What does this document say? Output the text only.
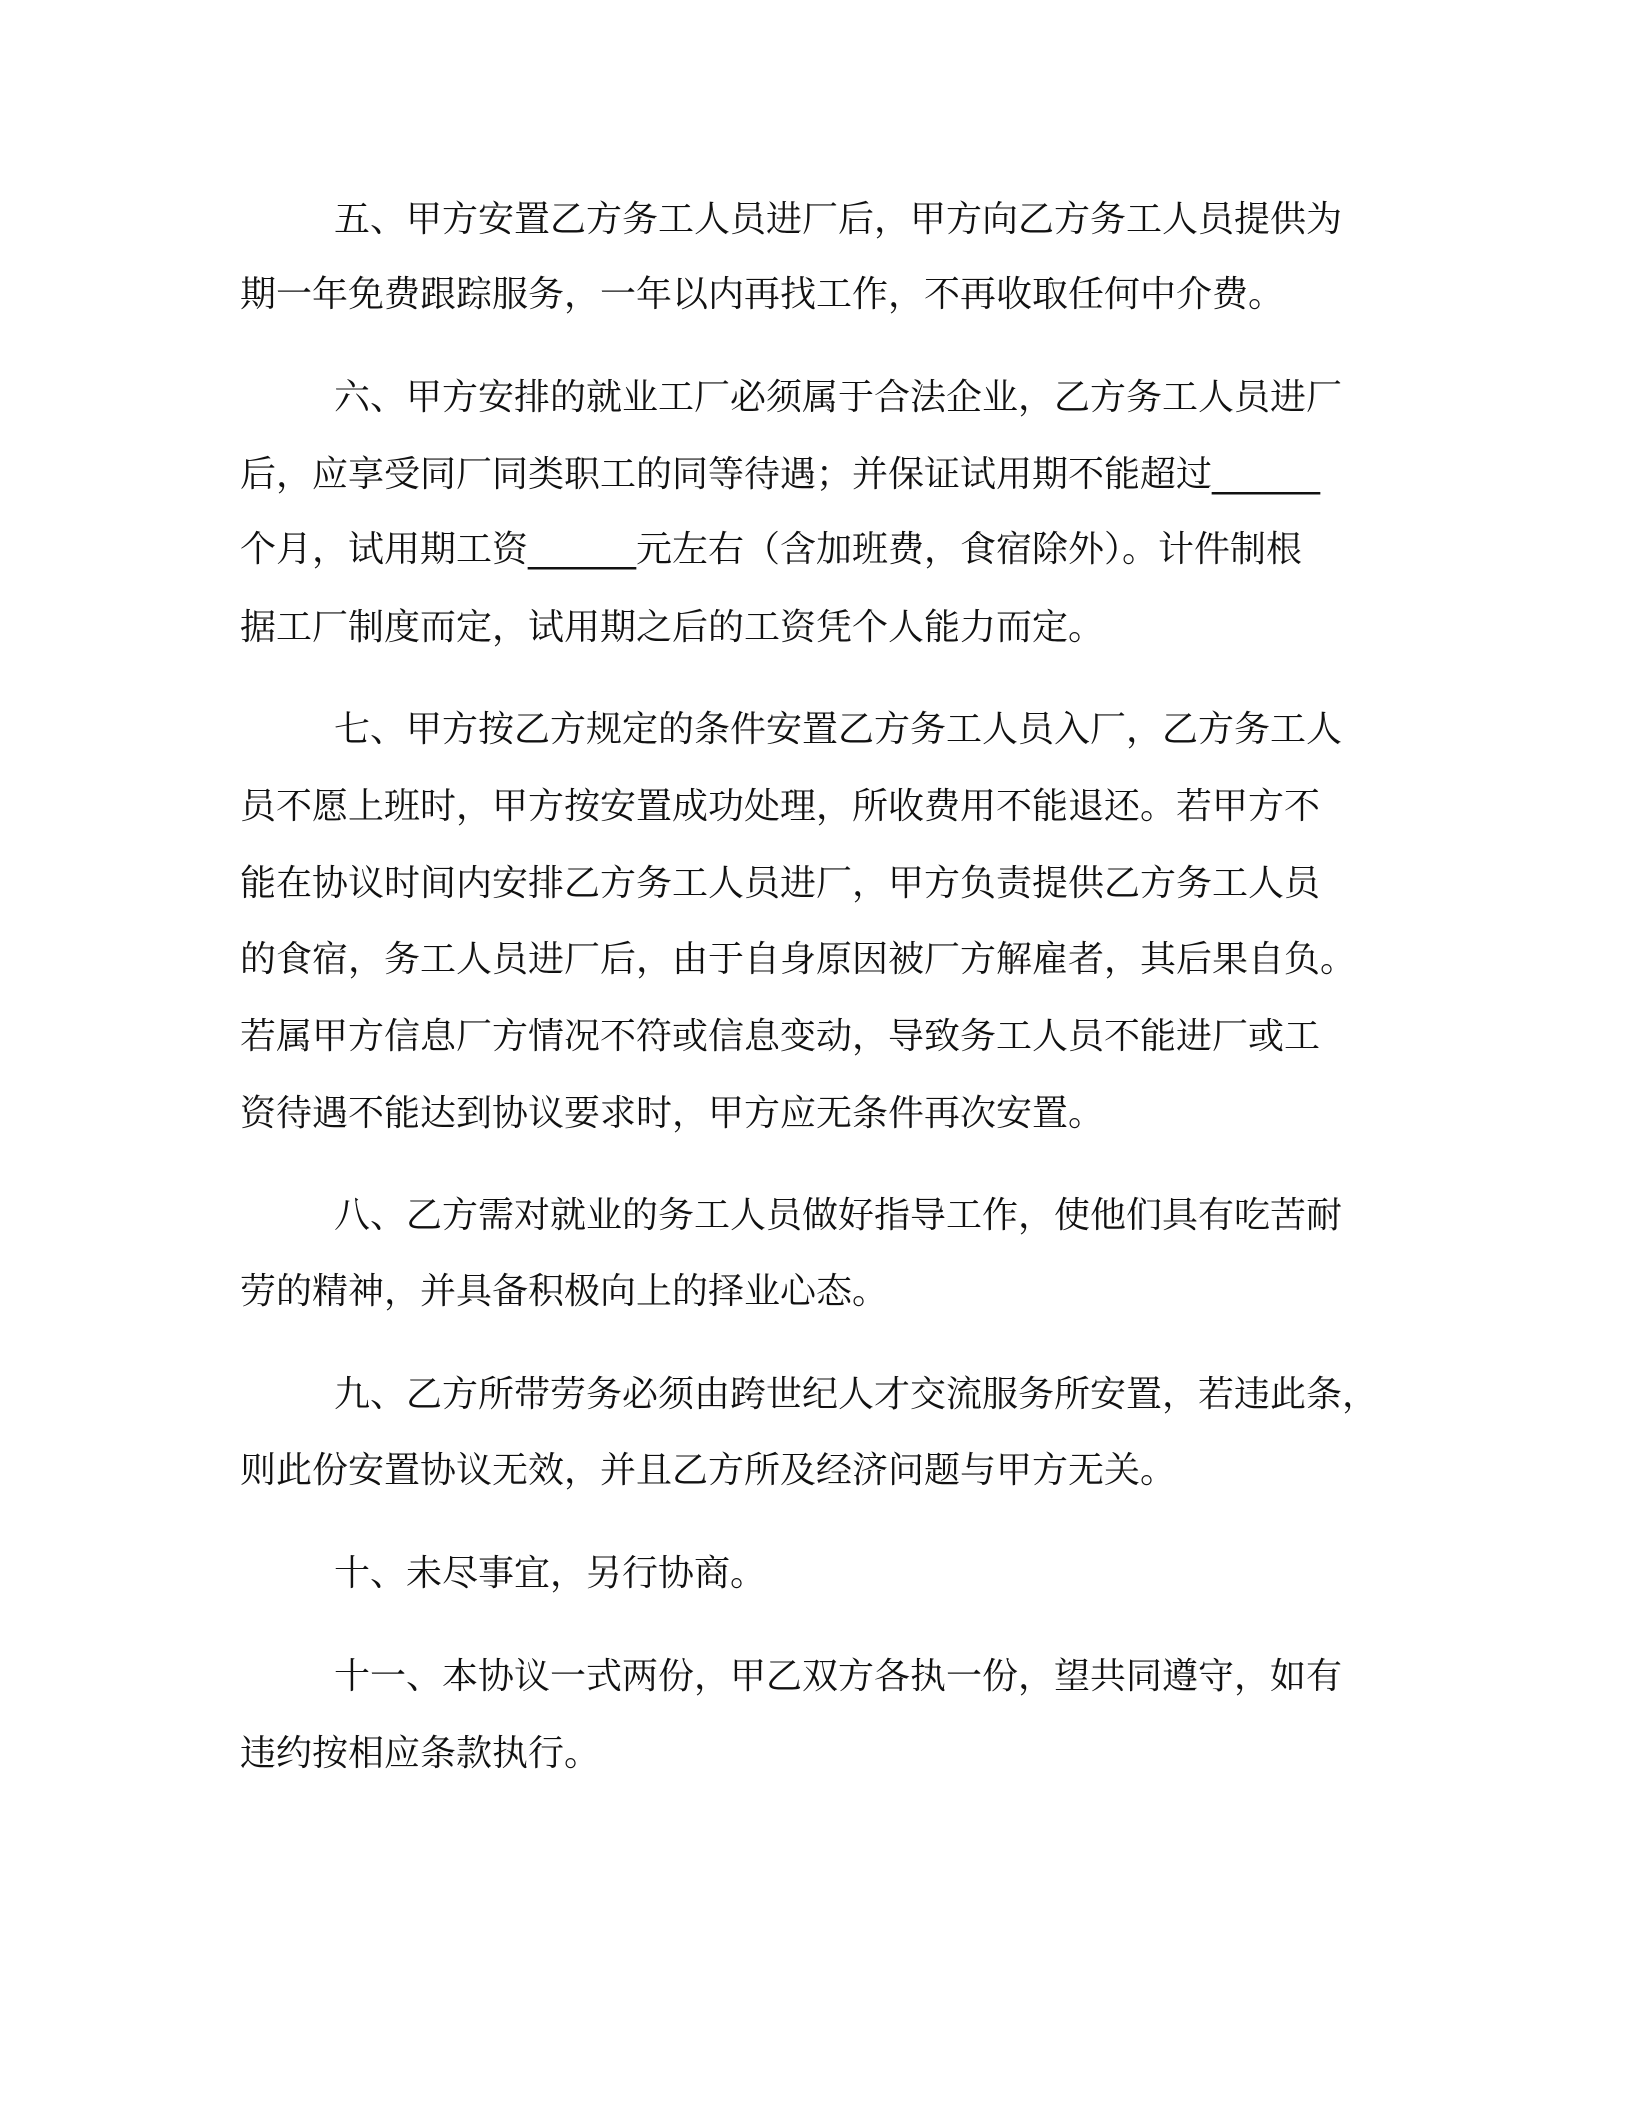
五、甲方安置乙方务工人员进厂后，甲方向乙方务工人员提供为
期一年免费跟踪服务，一年以内再找工作，不再收取任何中介费。
六、甲方安排的就业工厂必须属于合法企业，乙方务工人员进厂
后，应享受同厂同类职工的同等待遇；并保证试用期不能超过______
个月，试用期工资______元左右（含加班费，食宿除外）。计件制根
据工厂制度而定，试用期之后的工资凭个人能力而定。
七、甲方按乙方规定的条件安置乙方务工人员入厂，乙方务工人
员不愿上班时，甲方按安置成功处理，所收费用不能退还。若甲方不
能在协议时间内安排乙方务工人员进厂，甲方负责提供乙方务工人员
的食宿，务工人员进厂后，由于自身原因被厂方解雇者，其后果自负。
若属甲方信息厂方情况不符或信息变动，导致务工人员不能进厂或工
资待遇不能达到协议要求时，甲方应无条件再次安置。
八、乙方需对就业的务工人员做好指导工作，使他们具有吃苦耐
劳的精神，并具备积极向上的择业心态。
九、乙方所带劳务必须由跨世纪人才交流服务所安置，若违此条，
则此份安置协议无效，并且乙方所及经济问题与甲方无关。
十、未尽事宜，另行协商。
十一、本协议一式两份，甲乙双方各执一份，望共同遵守，如有
违约按相应条款执行。
